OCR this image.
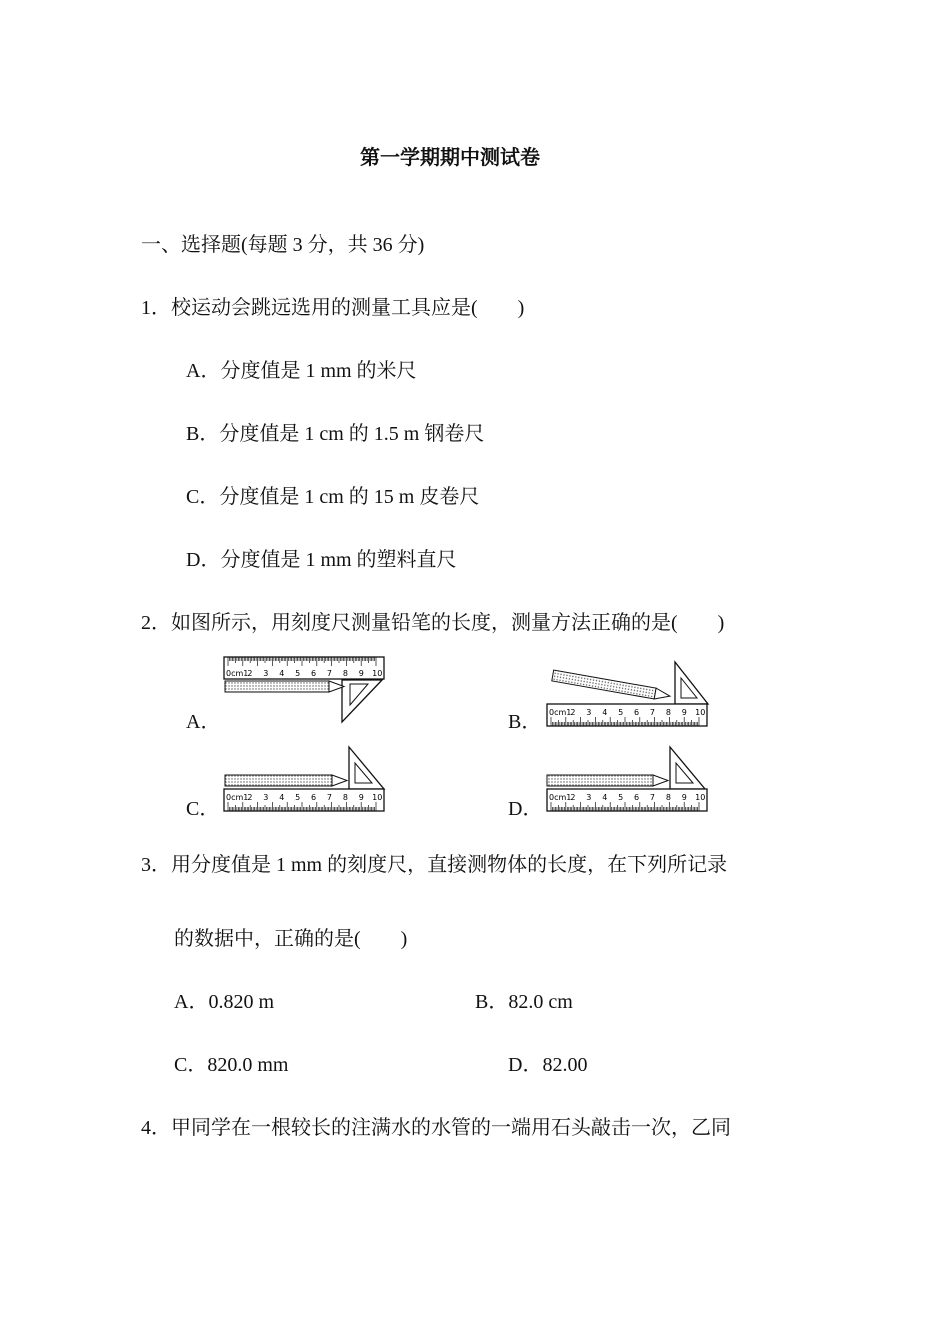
第一学期期中测试卷
一、选择题(每题 3 分，共 36 分)
1．校运动会跳远选用的测量工具应是(　　)
A．分度值是 1 mm 的米尺
B．分度值是 1 cm 的 1.5 m 钢卷尺
C．分度值是 1 cm 的 15 m 皮卷尺
D．分度值是 1 mm 的塑料直尺
2．如图所示，用刻度尺测量铅笔的长度，测量方法正确的是(　　)
A．	B．
C．	D．
0cm1
2 3 4 5 6 7 8 9 10
0cm1
2 3 4 5 6 7 8 9 10
0cm1
2 3 4 5 6 7 8 9 10	0cm1
2 3 4 5 6 7 8 9 10
3．用分度值是 1 mm 的刻度尺，直接测物体的长度，在下列所记录
的数据中，正确的是(　　)
A．0.820 m	B．82.0 cm
C．820.0 mm	D．82.00
4．甲同学在一根较长的注满水的水管的一端用石头敲击一次，乙同
